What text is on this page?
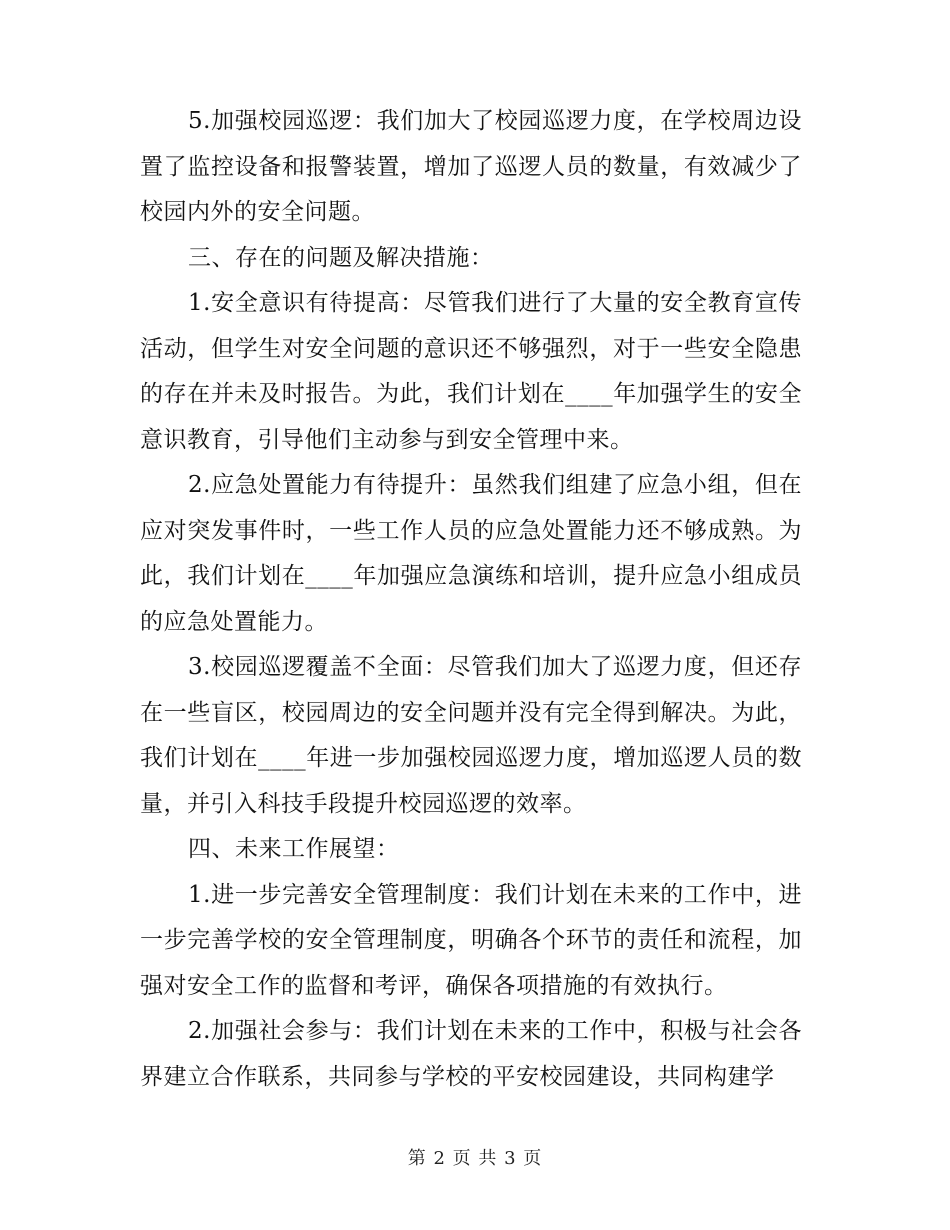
5.加强校园巡逻：我们加大了校园巡逻力度，在学校周边设置了监控设备和报警装置，增加了巡逻人员的数量，有效减少了校园内外的安全问题。

三、存在的问题及解决措施：

1.安全意识有待提高：尽管我们进行了大量的安全教育宣传活动，但学生对安全问题的意识还不够强烈，对于一些安全隐患的存在并未及时报告。为此，我们计划在____年加强学生的安全意识教育，引导他们主动参与到安全管理中来。

2.应急处置能力有待提升：虽然我们组建了应急小组，但在应对突发事件时，一些工作人员的应急处置能力还不够成熟。为此，我们计划在____年加强应急演练和培训，提升应急小组成员的应急处置能力。

3.校园巡逻覆盖不全面：尽管我们加大了巡逻力度，但还存在一些盲区，校园周边的安全问题并没有完全得到解决。为此，我们计划在____年进一步加强校园巡逻力度，增加巡逻人员的数量，并引入科技手段提升校园巡逻的效率。

四、未来工作展望：

1.进一步完善安全管理制度：我们计划在未来的工作中，进一步完善学校的安全管理制度，明确各个环节的责任和流程，加强对安全工作的监督和考评，确保各项措施的有效执行。

2.加强社会参与：我们计划在未来的工作中，积极与社会各界建立合作联系，共同参与学校的平安校园建设，共同构建学

第 2 页 共 3 页
